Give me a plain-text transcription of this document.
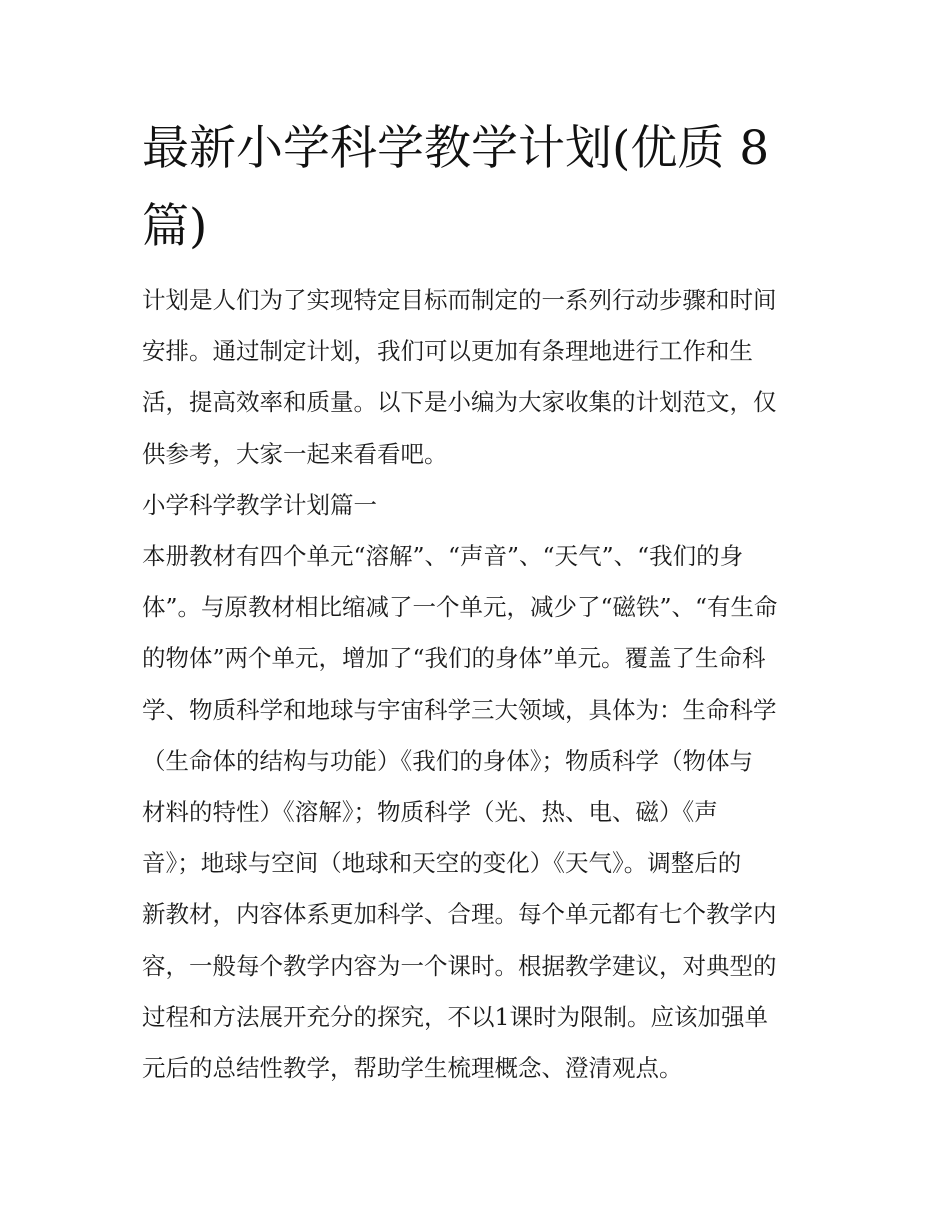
最新小学科学教学计划(优质 8
篇)
计划是人们为了实现特定目标而制定的一系列行动步骤和时间
安排。通过制定计划，我们可以更加有条理地进行工作和生
活，提高效率和质量。以下是小编为大家收集的计划范文，仅
供参考，大家一起来看看吧。
小学科学教学计划篇一
本册教材有四个单元“溶解”、“声音”、“天气”、“我们的身
体”。与原教材相比缩减了一个单元，减少了“磁铁”、“有生命
的物体”两个单元，增加了“我们的身体”单元。覆盖了生命科
学、物质科学和地球与宇宙科学三大领域，具体为：生命科学
（生命体的结构与功能）《我们的身体》；物质科学（物体与
材料的特性）《溶解》；物质科学（光、热、电、磁）《声
音》；地球与空间（地球和天空的变化）《天气》。调整后的
新教材，内容体系更加科学、合理。每个单元都有七个教学内
容，一般每个教学内容为一个课时。根据教学建议，对典型的
过程和方法展开充分的探究，不以1课时为限制。应该加强单
元后的总结性教学，帮助学生梳理概念、澄清观点。
